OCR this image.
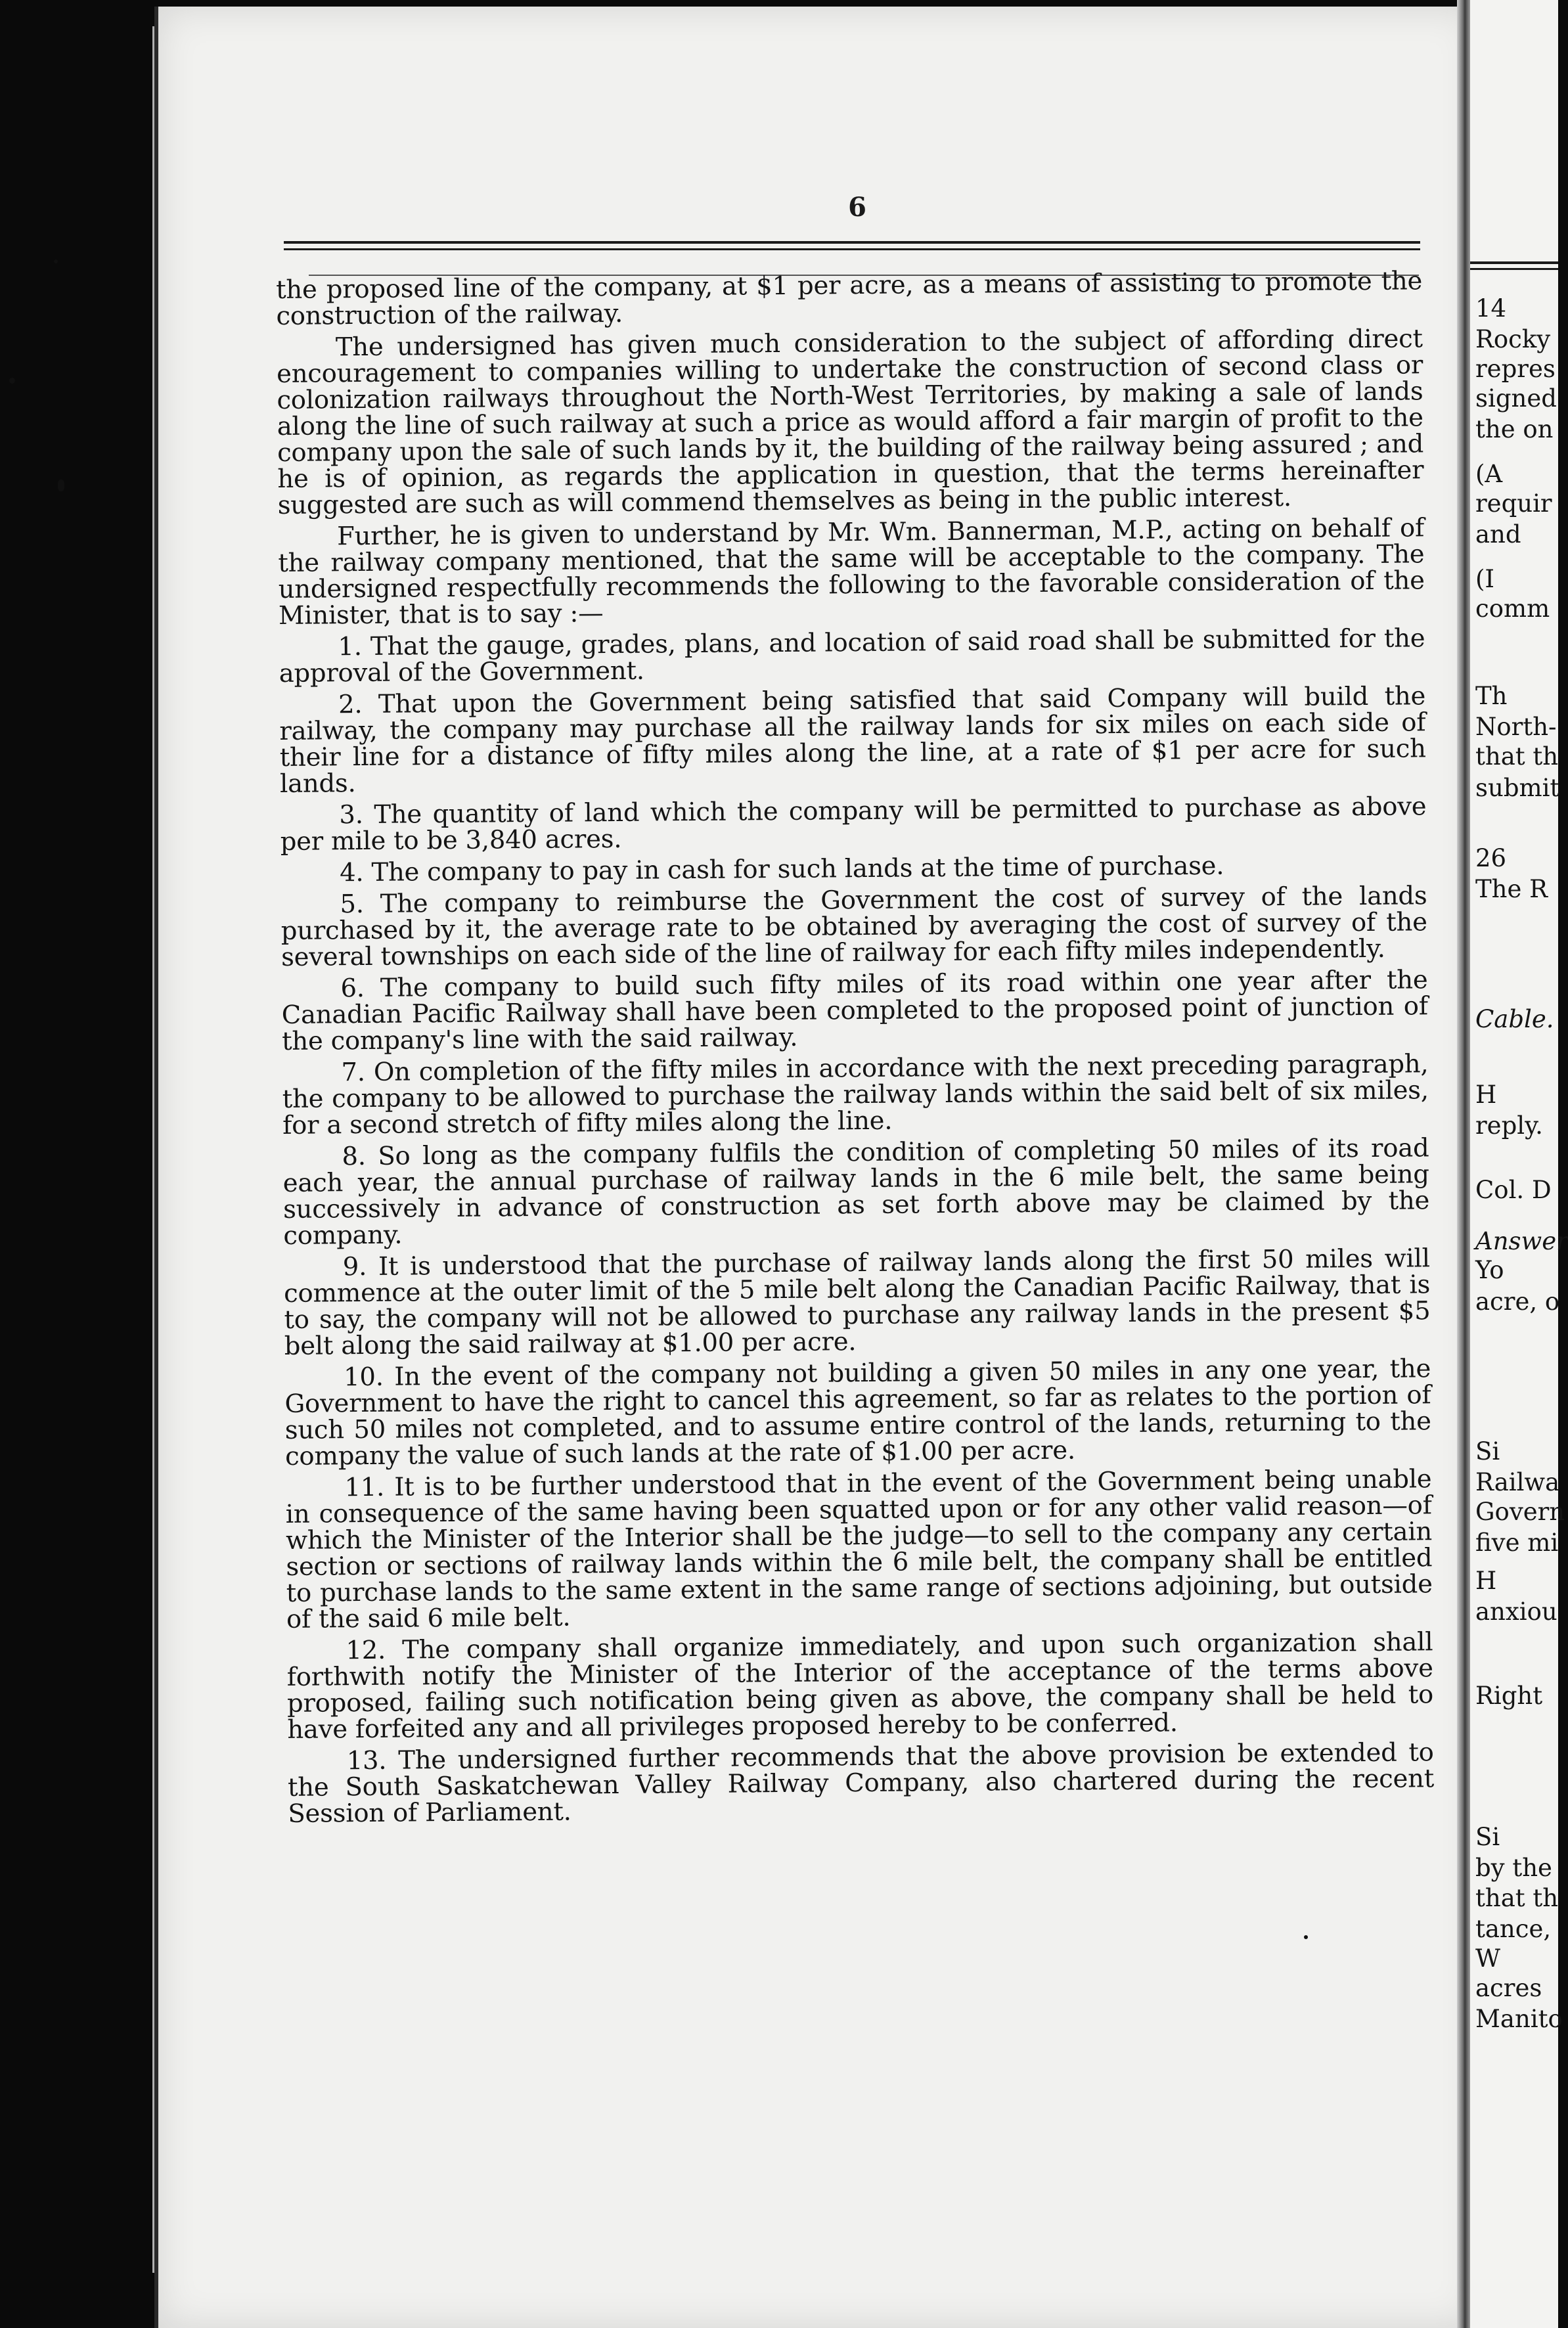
6

the proposed line of the company, at $1 per acre, as a means of assisting to promote the construction of the railway.

The undersigned has given much consideration to the subject of affording direct encouragement to companies willing to undertake the construction of second class or colonization railways throughout the North-West Territories, by making a sale of lands along the line of such railway at such a price as would afford a fair margin of profit to the company upon the sale of such lands by it, the building of the railway being assured ; and he is of opinion, as regards the application in question, that the terms hereinafter suggested are such as will commend themselves as being in the public interest.

Further, he is given to understand by Mr. Wm. Bannerman, M.P., acting on behalf of the railway company mentioned, that the same will be acceptable to the company. The undersigned respectfully recommends the following to the favorable consideration of the Minister, that is to say :—

1. That the gauge, grades, plans, and location of said road shall be submitted for the approval of the Government.

2. That upon the Government being satisfied that said Company will build the railway, the company may purchase all the railway lands for six miles on each side of their line for a distance of fifty miles along the line, at a rate of $1 per acre for such lands.

3. The quantity of land which the company will be permitted to purchase as above per mile to be 3,840 acres.

4. The company to pay in cash for such lands at the time of purchase.

5. The company to reimburse the Government the cost of survey of the lands purchased by it, the average rate to be obtained by averaging the cost of survey of the several townships on each side of the line of railway for each fifty miles independently.

6. The company to build such fifty miles of its road within one year after the Canadian Pacific Railway shall have been completed to the proposed point of junction of the company's line with the said railway.

7. On completion of the fifty miles in accordance with the next preceding paragraph, the company to be allowed to purchase the railway lands within the said belt of six miles, for a second stretch of fifty miles along the line.

8. So long as the company fulfils the condition of completing 50 miles of its road each year, the annual purchase of railway lands in the 6 mile belt, the same being successively in advance of construction as set forth above may be claimed by the company.

9. It is understood that the purchase of railway lands along the first 50 miles will commence at the outer limit of the 5 mile belt along the Canadian Pacific Railway, that is to say, the company will not be allowed to purchase any railway lands in the present $5 belt along the said railway at $1.00 per acre.

10. In the event of the company not building a given 50 miles in any one year, the Government to have the right to cancel this agreement, so far as relates to the portion of such 50 miles not completed, and to assume entire control of the lands, returning to the company the value of such lands at the rate of $1.00 per acre.

11. It is to be further understood that in the event of the Government being unable in consequence of the same having been squatted upon or for any other valid reason—of which the Minister of the Interior shall be the judge—to sell to the company any certain section or sections of railway lands within the 6 mile belt, the company shall be entitled to purchase lands to the same extent in the same range of sections adjoining, but outside of the said 6 mile belt.

12. The company shall organize immediately, and upon such organization shall forthwith notify the Minister of the Interior of the acceptance of the terms above proposed, failing such notification being given as above, the company shall be held to have forfeited any and all privileges proposed hereby to be conferred.

13. The undersigned further recommends that the above provision be extended to the South Saskatchewan Valley Railway Company, also chartered during the recent Session of Parliament.

14
Rocky
repres
signed
the on
(A
requir
and
(I
comm
Th
North-
that th
submit
26
The R
Cable.
H
reply.
Col. D
Answer
Yo
acre, o
Si
Railwa
Govern
five mi
H
anxiou
Right
Si
by the
that th
tance,
W
acres
Manito
